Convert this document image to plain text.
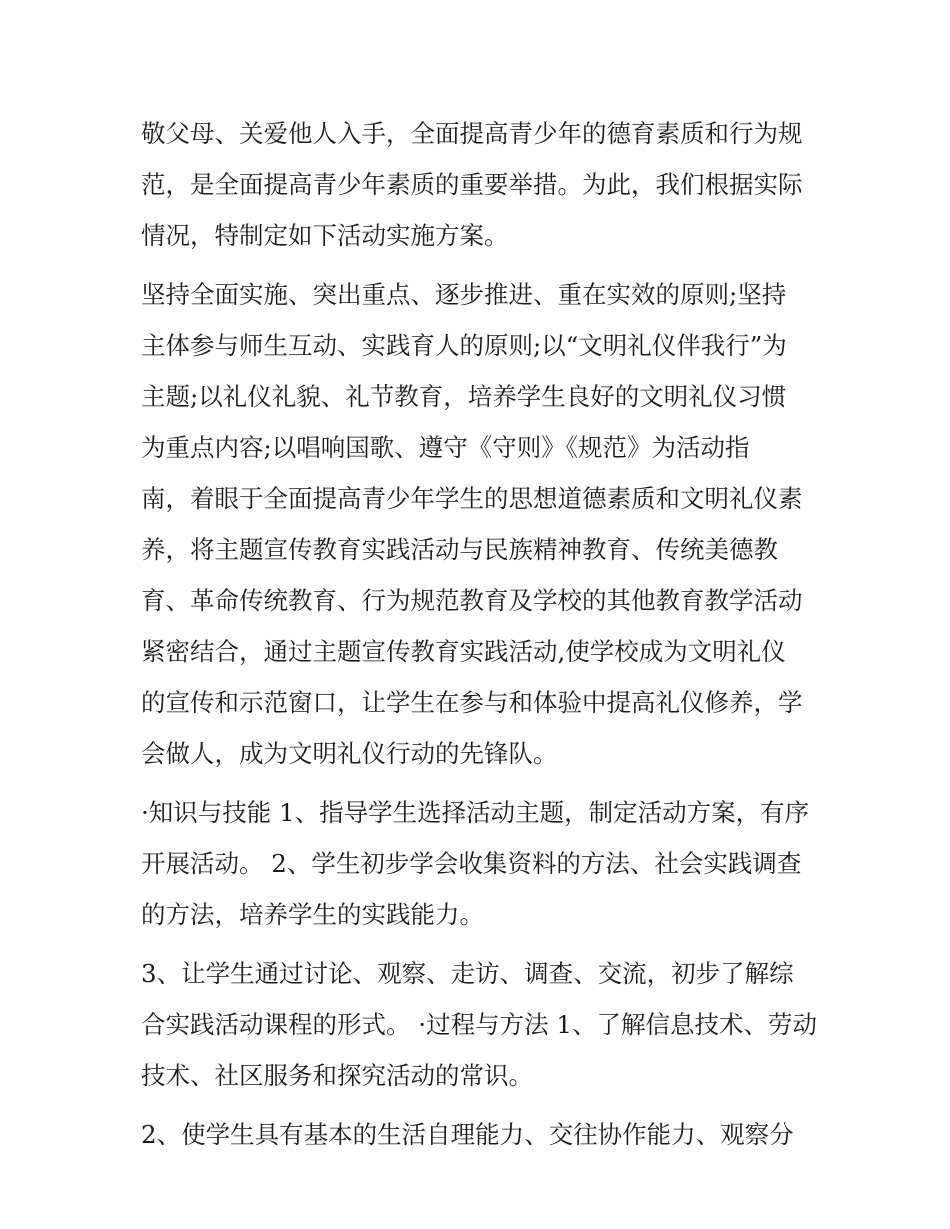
敬父母、关爱他人入手，全面提高青少年的德育素质和行为规
范，是全面提高青少年素质的重要举措。为此，我们根据实际
情况，特制定如下活动实施方案。
坚持全面实施、突出重点、逐步推进、重在实效的原则;坚持
主体参与师生互动、实践育人的原则;以“文明礼仪伴我行”为
主题;以礼仪礼貌、礼节教育，培养学生良好的文明礼仪习惯
为重点内容;以唱响国歌、遵守《守则》《规范》为活动指
南，着眼于全面提高青少年学生的思想道德素质和文明礼仪素
养，将主题宣传教育实践活动与民族精神教育、传统美德教
育、革命传统教育、行为规范教育及学校的其他教育教学活动
紧密结合，通过主题宣传教育实践活动,使学校成为文明礼仪
的宣传和示范窗口，让学生在参与和体验中提高礼仪修养，学
会做人，成为文明礼仪行动的先锋队。
·知识与技能 1、指导学生选择活动主题，制定活动方案，有序
开展活动。 2、学生初步学会收集资料的方法、社会实践调查
的方法，培养学生的实践能力。
3、让学生通过讨论、观察、走访、调查、交流，初步了解综
合实践活动课程的形式。 ·过程与方法 1、了解信息技术、劳动
技术、社区服务和探究活动的常识。
2、使学生具有基本的生活自理能力、交往协作能力、观察分
